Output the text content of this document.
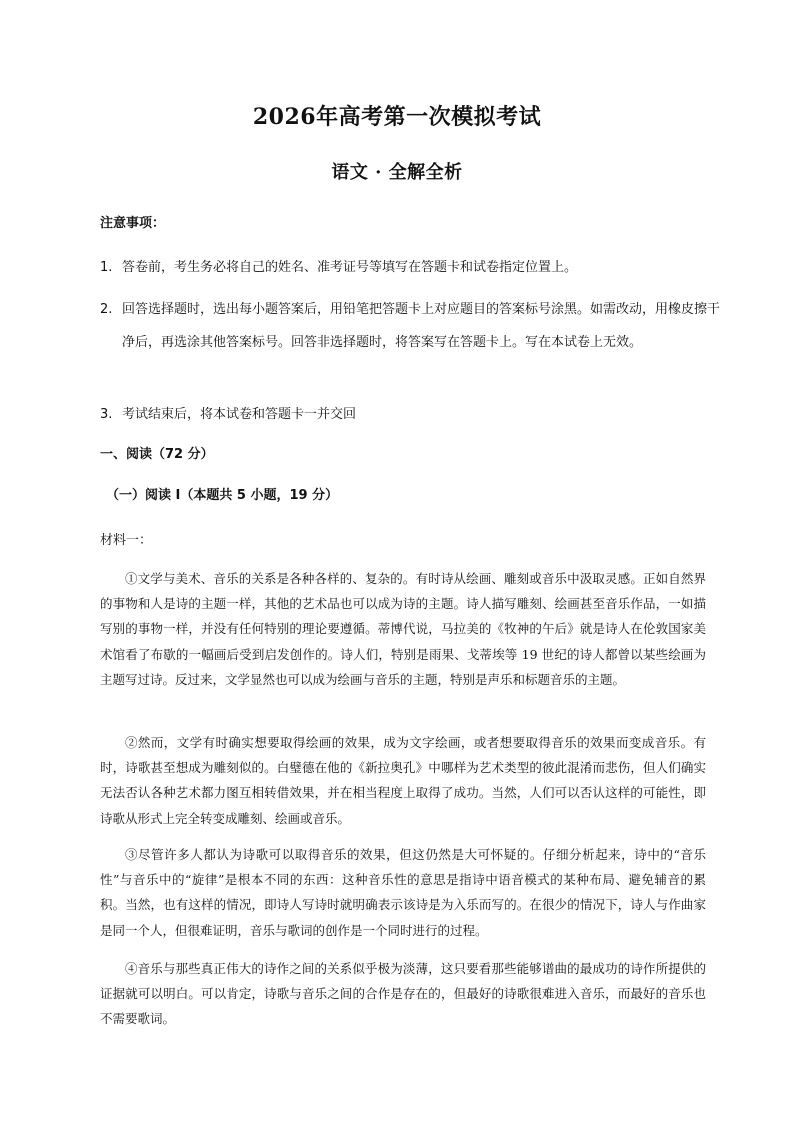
2026年高考第一次模拟考试
语文 · 全解全析

注意事项：

1. 答卷前，考生务必将自己的姓名、准考证号等填写在答题卡和试卷指定位置上。

2. 回答选择题时，选出每小题答案后，用铅笔把答题卡上对应题目的答案标号涂黑。如需改动，用橡皮擦干净后，再选涂其他答案标号。回答非选择题时，将答案写在答题卡上。写在本试卷上无效。

3. 考试结束后，将本试卷和答题卡一并交回

一、阅读（72 分）

（一）阅读 I（本题共 5 小题，19 分）

材料一：

①文学与美术、音乐的关系是各种各样的、复杂的。有时诗从绘画、雕刻或音乐中汲取灵感。正如自然界的事物和人是诗的主题一样，其他的艺术品也可以成为诗的主题。诗人描写雕刻、绘画甚至音乐作品，一如描写别的事物一样，并没有任何特别的理论要遵循。蒂博代说，马拉美的《牧神的午后》就是诗人在伦敦国家美术馆看了布歇的一幅画后受到启发创作的。诗人们，特别是雨果、戈蒂埃等 19 世纪的诗人都曾以某些绘画为主题写过诗。反过来，文学显然也可以成为绘画与音乐的主题，特别是声乐和标题音乐的主题。

②然而，文学有时确实想要取得绘画的效果，成为文字绘画，或者想要取得音乐的效果而变成音乐。有时，诗歌甚至想成为雕刻似的。白璧德在他的《新拉奥孔》中哪样为艺术类型的彼此混淆而悲伤，但人们确实无法否认各种艺术都力图互相转借效果，并在相当程度上取得了成功。当然，人们可以否认这样的可能性，即诗歌从形式上完全转变成雕刻、绘画或音乐。

③尽管许多人都认为诗歌可以取得音乐的效果，但这仍然是大可怀疑的。仔细分析起来，诗中的“音乐性”与音乐中的“旋律”是根本不同的东西：这种音乐性的意思是指诗中语音模式的某种布局、避免辅音的累积。当然，也有这样的情况，即诗人写诗时就明确表示该诗是为入乐而写的。在很少的情况下，诗人与作曲家是同一个人，但很难证明，音乐与歌词的创作是一个同时进行的过程。

④音乐与那些真正伟大的诗作之间的关系似乎极为淡薄，这只要看那些能够谱曲的最成功的诗作所提供的证据就可以明白。可以肯定，诗歌与音乐之间的合作是存在的，但最好的诗歌很难进入音乐，而最好的音乐也不需要歌词。
